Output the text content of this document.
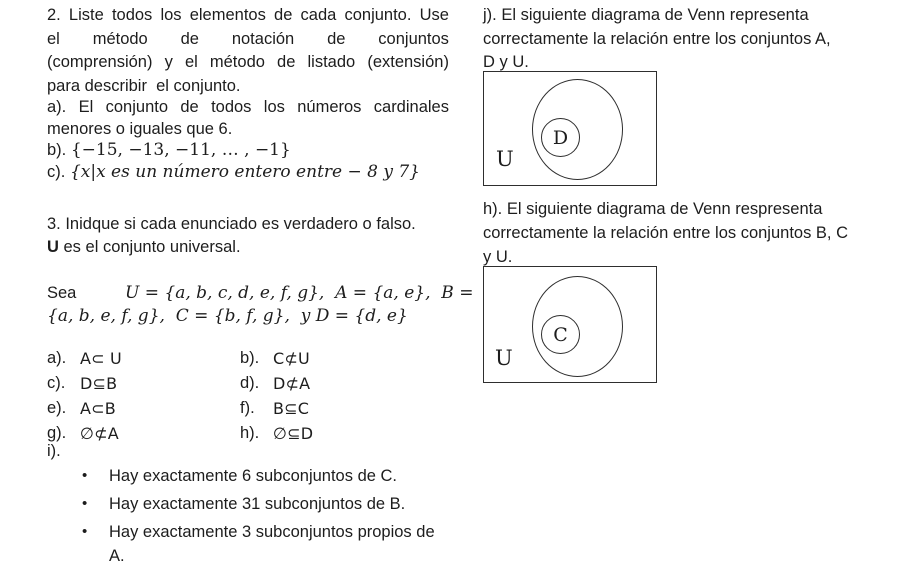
2. Liste todos los elementos de cada conjunto. Use
el método de notación de conjuntos
(comprensión) y el método de listado (extensión)
para describir  el conjunto.
a). El conjunto de todos los números cardinales
menores o iguales que 6.
b). {−15, −13, −11, … , −1}
c). {x|x es un número entero entre − 8 y 7}
3. Inidque si cada enunciado es verdadero o falso.
U es el conjunto universal.
Sea	U = {a, b, c, d, e, f, g},  A = {a, e},  B =
{a, b, e, f, g},  C = {b, f, g},  y D = {d, e}
a). A⊂ U	b). C⊄U
c). D⊆B	d). D⊄A
e). A⊂B	f).	B⊆C
g). ∅⊄A	h). ∅⊆D
i).
•	Hay exactamente 6 subconjuntos de C.
•	Hay exactamente 31 subconjuntos de B.
•	Hay exactamente 3 subconjuntos propios de A.
j). El siguiente diagrama de Venn representa
correctamente la relación entre los conjuntos A,
D y U.
D
U
h). El siguiente diagrama de Venn respresenta
correctamente la relación entre los conjuntos B, C
y U.
C
U
